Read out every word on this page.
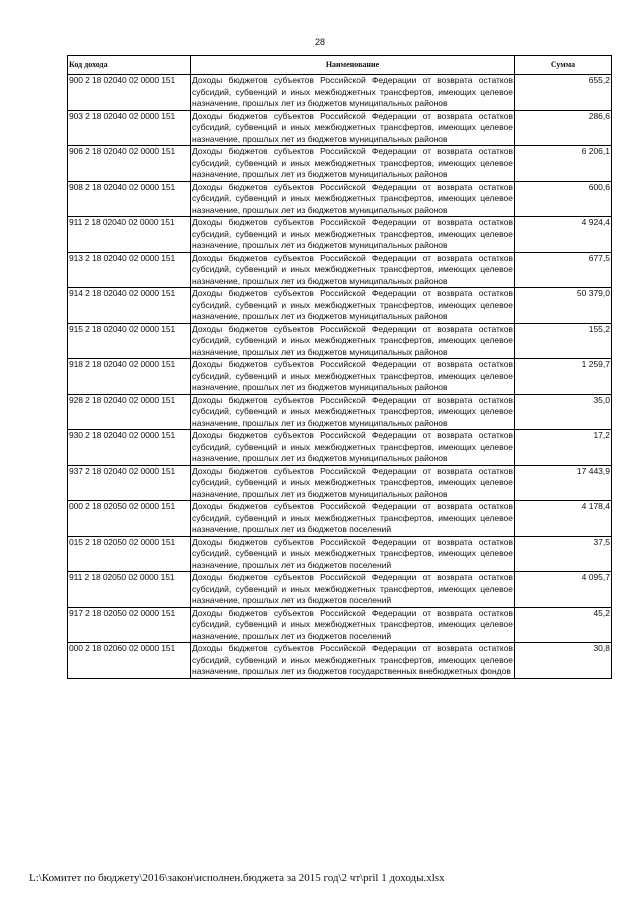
28
Код дохода	Наименование	Сумма
900 2 18 02040 02 0000 151	Доходы бюджетов субъектов Российской Федерации от возврата остатков субсидий, субвенций и иных межбюджетных трансфертов, имеющих целевое назначение, прошлых лет из бюджетов муниципальных районов	655,2
903 2 18 02040 02 0000 151	Доходы бюджетов субъектов Российской Федерации от возврата остатков субсидий, субвенций и иных межбюджетных трансфертов, имеющих целевое назначение, прошлых лет из бюджетов муниципальных районов	286,6
906 2 18 02040 02 0000 151	Доходы бюджетов субъектов Российской Федерации от возврата остатков субсидий, субвенций и иных межбюджетных трансфертов, имеющих целевое назначение, прошлых лет из бюджетов муниципальных районов	6 206,1
908 2 18 02040 02 0000 151	Доходы бюджетов субъектов Российской Федерации от возврата остатков субсидий, субвенций и иных межбюджетных трансфертов, имеющих целевое назначение, прошлых лет из бюджетов муниципальных районов	600,6
911 2 18 02040 02 0000 151	Доходы бюджетов субъектов Российской Федерации от возврата остатков субсидий, субвенций и иных межбюджетных трансфертов, имеющих целевое назначение, прошлых лет из бюджетов муниципальных районов	4 924,4
913 2 18 02040 02 0000 151	Доходы бюджетов субъектов Российской Федерации от возврата остатков субсидий, субвенций и иных межбюджетных трансфертов, имеющих целевое назначение, прошлых лет из бюджетов муниципальных районов	677,5
914 2 18 02040 02 0000 151	Доходы бюджетов субъектов Российской Федерации от возврата остатков субсидий, субвенций и иных межбюджетных трансфертов, имеющих целевое назначение, прошлых лет из бюджетов муниципальных районов	50 379,0
915 2 18 02040 02 0000 151	Доходы бюджетов субъектов Российской Федерации от возврата остатков субсидий, субвенций и иных межбюджетных трансфертов, имеющих целевое назначение, прошлых лет из бюджетов муниципальных районов	155,2
918 2 18 02040 02 0000 151	Доходы бюджетов субъектов Российской Федерации от возврата остатков субсидий, субвенций и иных межбюджетных трансфертов, имеющих целевое назначение, прошлых лет из бюджетов муниципальных районов	1 259,7
928 2 18 02040 02 0000 151	Доходы бюджетов субъектов Российской Федерации от возврата остатков субсидий, субвенций и иных межбюджетных трансфертов, имеющих целевое назначение, прошлых лет из бюджетов муниципальных районов	35,0
930 2 18 02040 02 0000 151	Доходы бюджетов субъектов Российской Федерации от возврата остатков субсидий, субвенций и иных межбюджетных трансфертов, имеющих целевое назначение, прошлых лет из бюджетов муниципальных районов	17,2
937 2 18 02040 02 0000 151	Доходы бюджетов субъектов Российской Федерации от возврата остатков субсидий, субвенций и иных межбюджетных трансфертов, имеющих целевое назначение, прошлых лет из бюджетов муниципальных районов	17 443,9
000 2 18 02050 02 0000 151	Доходы бюджетов субъектов Российской Федерации от возврата остатков субсидий, субвенций и иных межбюджетных трансфертов, имеющих целевое назначение, прошлых лет из бюджетов поселений	4 178,4
015 2 18 02050 02 0000 151	Доходы бюджетов субъектов Российской Федерации от возврата остатков субсидий, субвенций и иных межбюджетных трансфертов, имеющих целевое назначение, прошлых лет из бюджетов поселений	37,5
911 2 18 02050 02 0000 151	Доходы бюджетов субъектов Российской Федерации от возврата остатков субсидий, субвенций и иных межбюджетных трансфертов, имеющих целевое назначение, прошлых лет из бюджетов поселений	4 095,7
917 2 18 02050 02 0000 151	Доходы бюджетов субъектов Российской Федерации от возврата остатков субсидий, субвенций и иных межбюджетных трансфертов, имеющих целевое назначение, прошлых лет из бюджетов поселений	45,2
000 2 18 02060 02 0000 151	Доходы бюджетов субъектов Российской Федерации от возврата остатков субсидий, субвенций и иных межбюджетных трансфертов, имеющих целевое назначение, прошлых лет из бюджетов государственных внебюджетных фондов	30,8
L:\Комитет по бюджету\2016\закон\исполнен.бюджета за 2015 год\2 чт\pril 1 доходы.xlsx
